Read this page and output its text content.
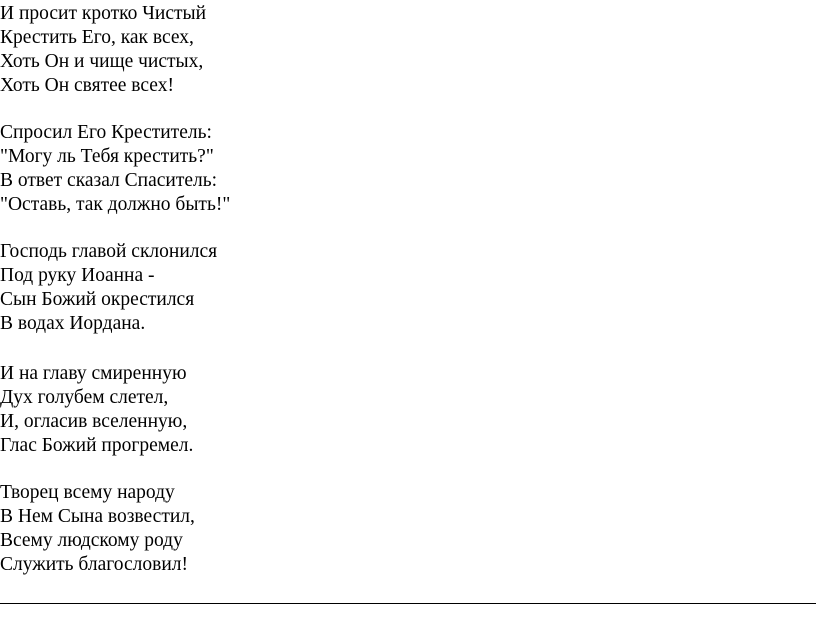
И просит кротко Чистый
Крестить Его, как всех,
Хоть Он и чище чистых,
Хоть Он святее всех!
Спросил Его Креститель:
"Могу ль Тебя крестить?"
В ответ сказал Спаситель:
"Оставь, так должно быть!"
Господь главой склонился
Под руку Иоанна -
Сын Божий окрестился
В водах Иордана.
И на главу смиренную
Дух голубем слетел,
И, огласив вселенную,
Глас Божий прогремел.
Творец всему народу
В Нем Сына возвестил,
Всему людскому роду
Служить благословил!
